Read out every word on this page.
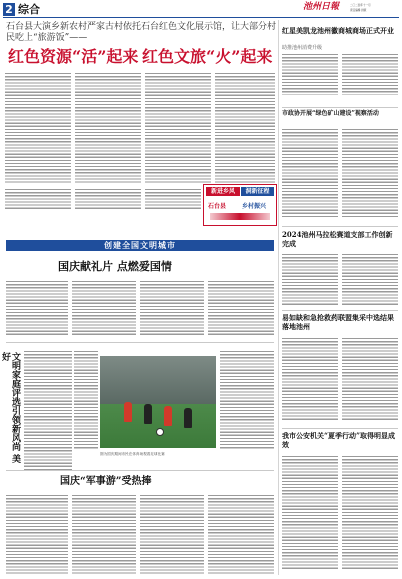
2 综合	池州日報	二〇二四年十一月
责任编辑 排版
石台县大演乡新农村严家古村依托石台红色文化展示馆，让大部分村民吃上“旅游饭”——
红色资源“活”起来 红色文旅“火”起来
新进乡风	洞新征程
石台县	乡村振兴
红星美凯龙池州徽商城商场正式开业
助推池州消费升级
市政协开展“绿色矿山建设”视察活动
2024池州马拉松赛道支部工作创新完成
易如缺和急抢救药联盟集采中选结果落地池州
我市公安机关“夏季行动”取得明显成效
创建全国文明城市
国庆献礼片 点燃爱国情
文明家庭评选引领新风尚 美好
图为国庆期间市民在体育场观看足球比赛
国庆“军事游”受热捧
